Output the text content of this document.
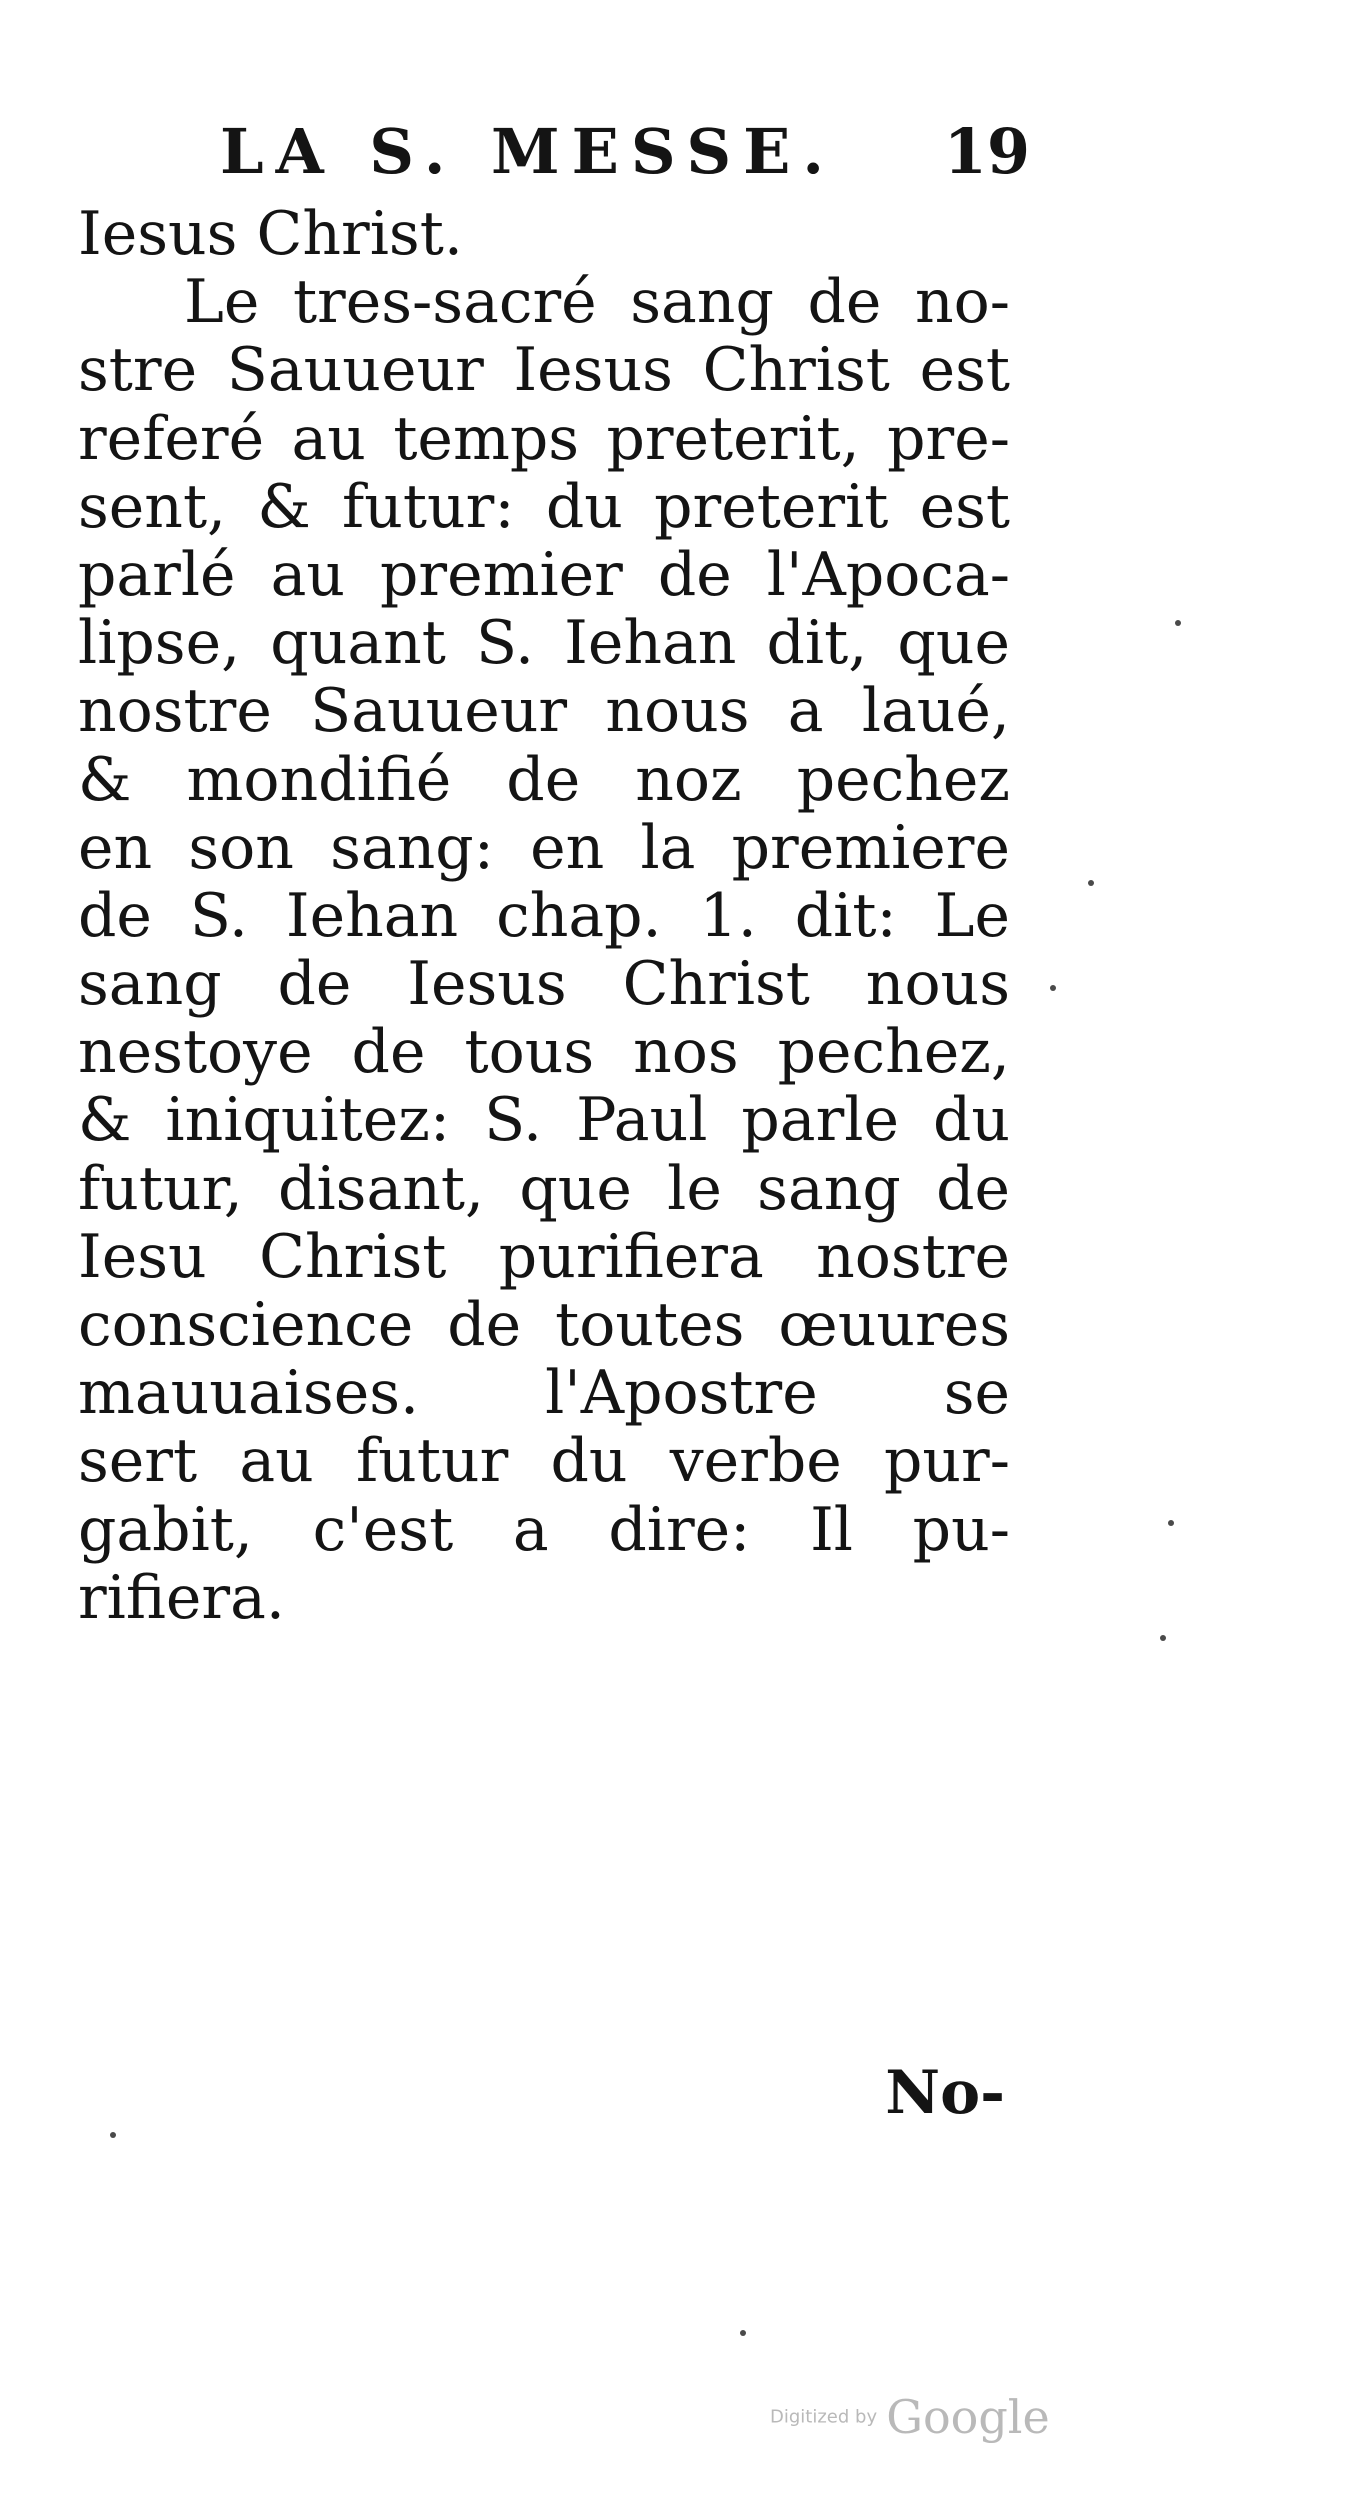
LA S. MESSE. 19
Iesus Christ.
Le tres-sacré sang de no-
stre Sauueur Iesus Christ est
referé au temps preterit, pre-
sent, & futur: du preterit est
parlé au premier de l'Apoca-
lipse, quant S. Iehan dit, que
nostre Sauueur nous a laué,
& mondifié de noz pechez
en son sang: en la premiere
de S. Iehan chap. 1. dit: Le
sang de Iesus Christ nous
nestoye de tous nos pechez,
& iniquitez: S. Paul parle du
futur, disant, que le sang de
Iesu Christ purifiera nostre
conscience de toutes œuures
mauuaises. l'Apostre se
sert au futur du verbe pur-
gabit, c'est a dire: Il pu-
rifiera.
No-
Digitized by Google
